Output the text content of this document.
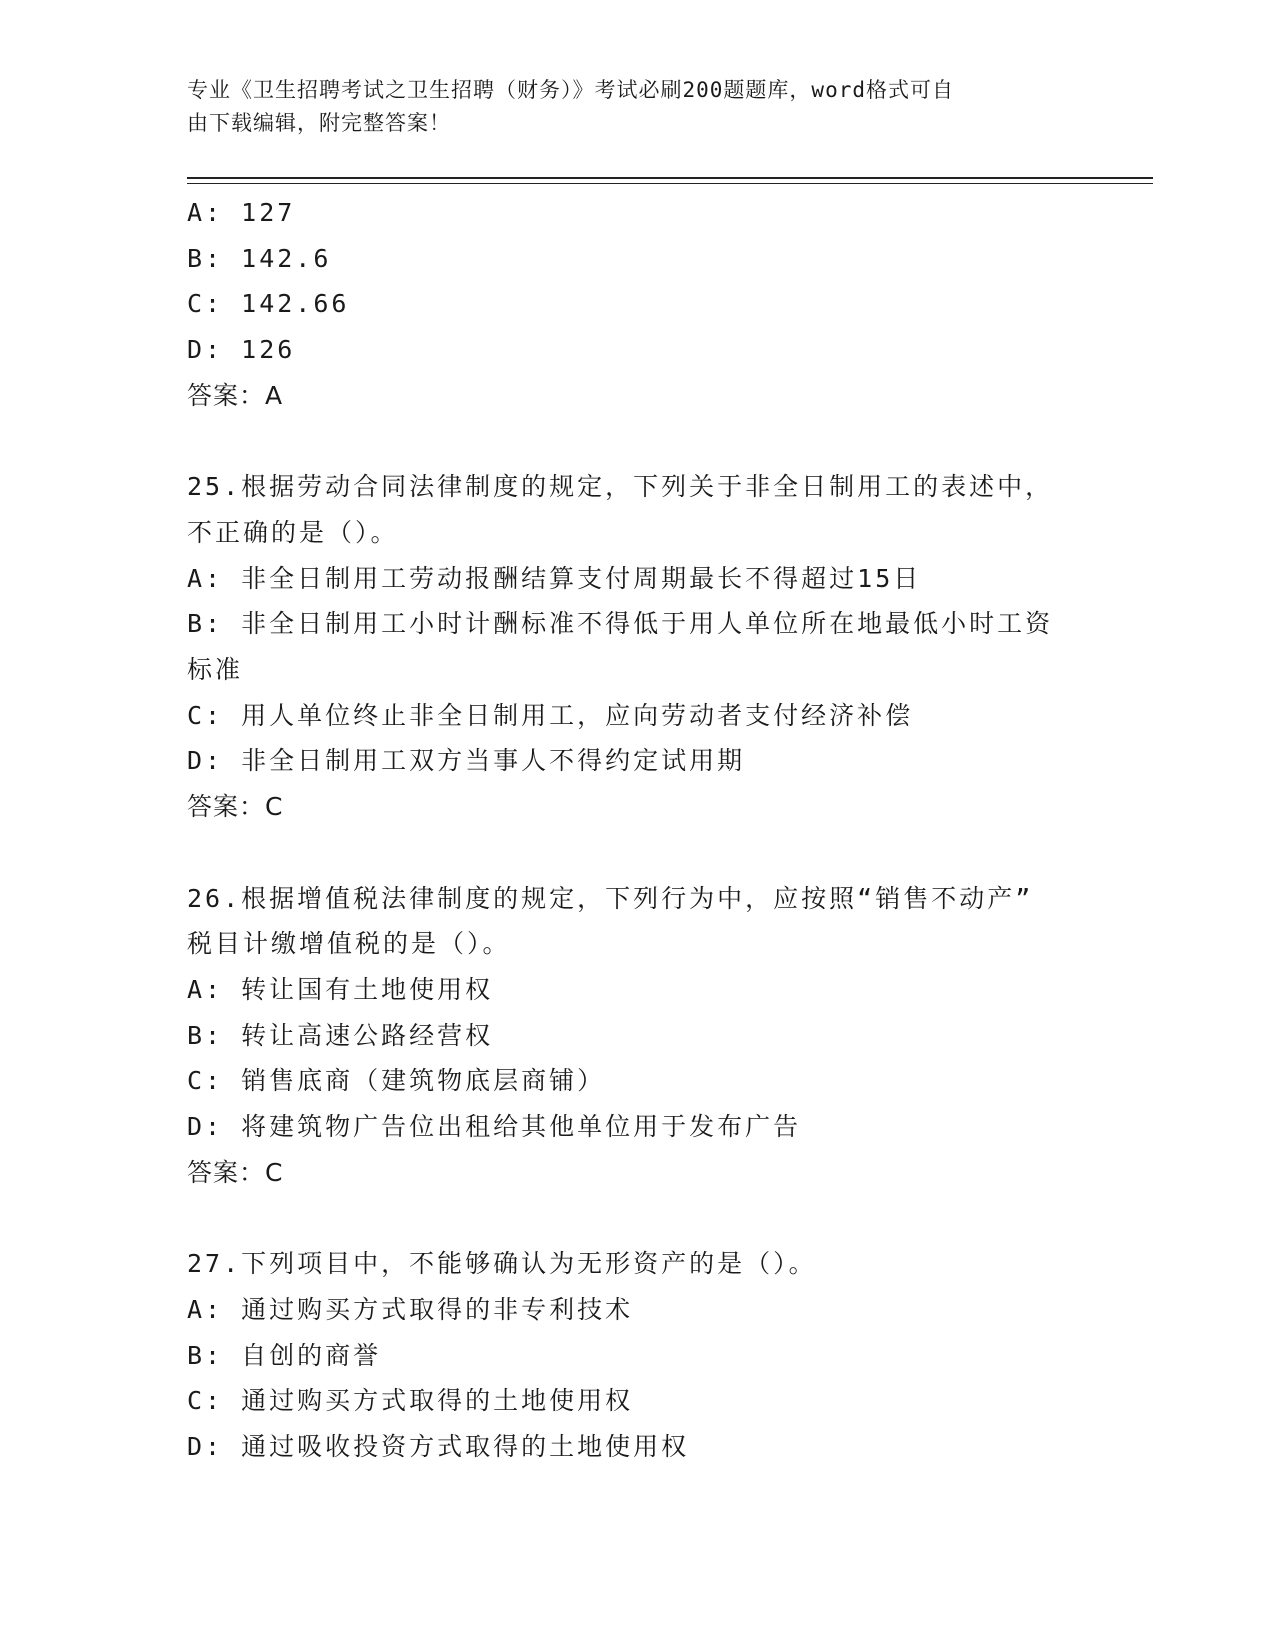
专业《卫生招聘考试之卫生招聘（财务）》考试必刷200题题库，word格式可自
由下载编辑，附完整答案！
A: 127
B: 142.6
C: 142.66
D: 126
答案：A
25.根据劳动合同法律制度的规定，下列关于非全日制用工的表述中，
不正确的是（）。
A: 非全日制用工劳动报酬结算支付周期最长不得超过15日
B: 非全日制用工小时计酬标准不得低于用人单位所在地最低小时工资
标准
C: 用人单位终止非全日制用工，应向劳动者支付经济补偿
D: 非全日制用工双方当事人不得约定试用期
答案：C
26.根据增值税法律制度的规定，下列行为中，应按照“销售不动产”
税目计缴增值税的是（）。
A: 转让国有土地使用权
B: 转让高速公路经营权
C: 销售底商（建筑物底层商铺）
D: 将建筑物广告位出租给其他单位用于发布广告
答案：C
27.下列项目中，不能够确认为无形资产的是（）。
A: 通过购买方式取得的非专利技术
B: 自创的商誉
C: 通过购买方式取得的土地使用权
D: 通过吸收投资方式取得的土地使用权
